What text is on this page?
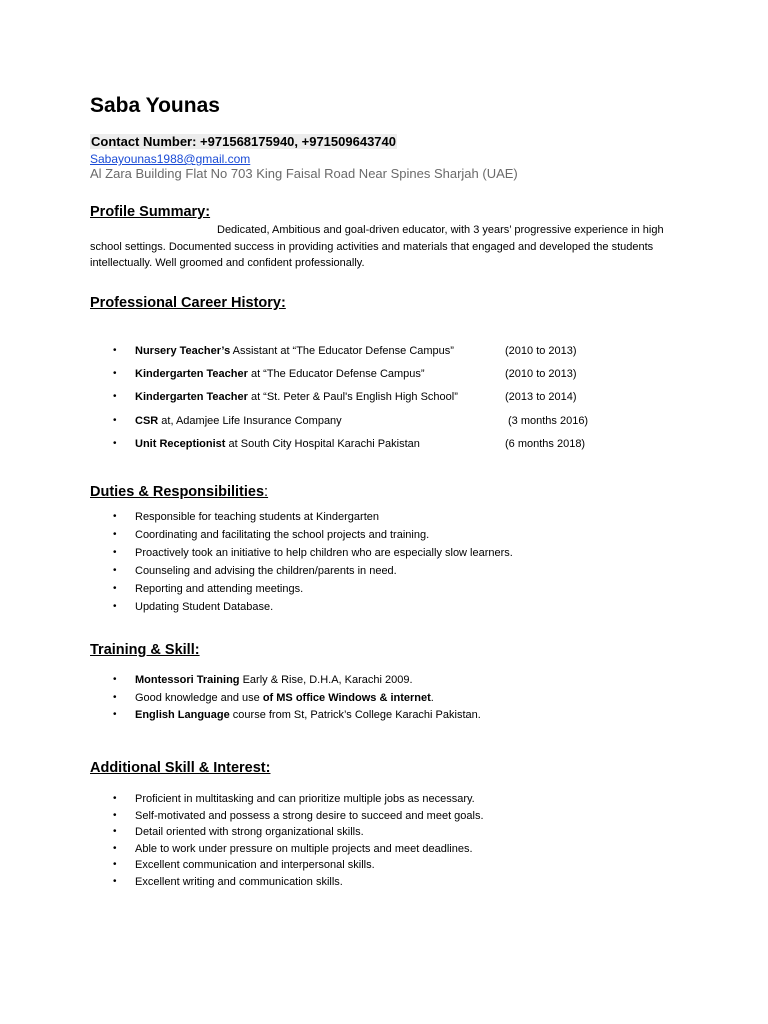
Saba Younas
Contact Number: +971568175940, +971509643740
Sabayounas1988@gmail.com
Al Zara Building Flat No 703 King Faisal Road Near Spines Sharjah (UAE)
Profile Summary:
Dedicated, Ambitious and goal-driven educator, with 3 years’ progressive experience in high school settings. Documented success in providing activities and materials that engaged and developed the students intellectually. Well groomed and confident professionally.
Professional Career History:
• Nursery Teacher’s Assistant at “The Educator Defense Campus”	(2010 to 2013)
• Kindergarten Teacher at “The Educator Defense Campus”	(2010 to 2013)
• Kindergarten Teacher at “St. Peter & Paul's English High School”	(2013 to 2014)
• CSR at, Adamjee Life Insurance Company	(3 months 2016)
• Unit Receptionist at South City Hospital Karachi Pakistan	(6 months 2018)
Duties & Responsibilities:
• Responsible for teaching students at Kindergarten
• Coordinating and facilitating the school projects and training.
• Proactively took an initiative to help children who are especially slow learners.
• Counseling and advising the children/parents in need.
• Reporting and attending meetings.
• Updating Student Database.
Training & Skill:
• Montessori Training Early & Rise, D.H.A, Karachi 2009.
• Good knowledge and use of MS office Windows & internet.
• English Language course from St, Patrick’s College Karachi Pakistan.
Additional Skill & Interest:
• Proficient in multitasking and can prioritize multiple jobs as necessary.
• Self-motivated and possess a strong desire to succeed and meet goals.
• Detail oriented with strong organizational skills.
• Able to work under pressure on multiple projects and meet deadlines.
• Excellent communication and interpersonal skills.
• Excellent writing and communication skills.
